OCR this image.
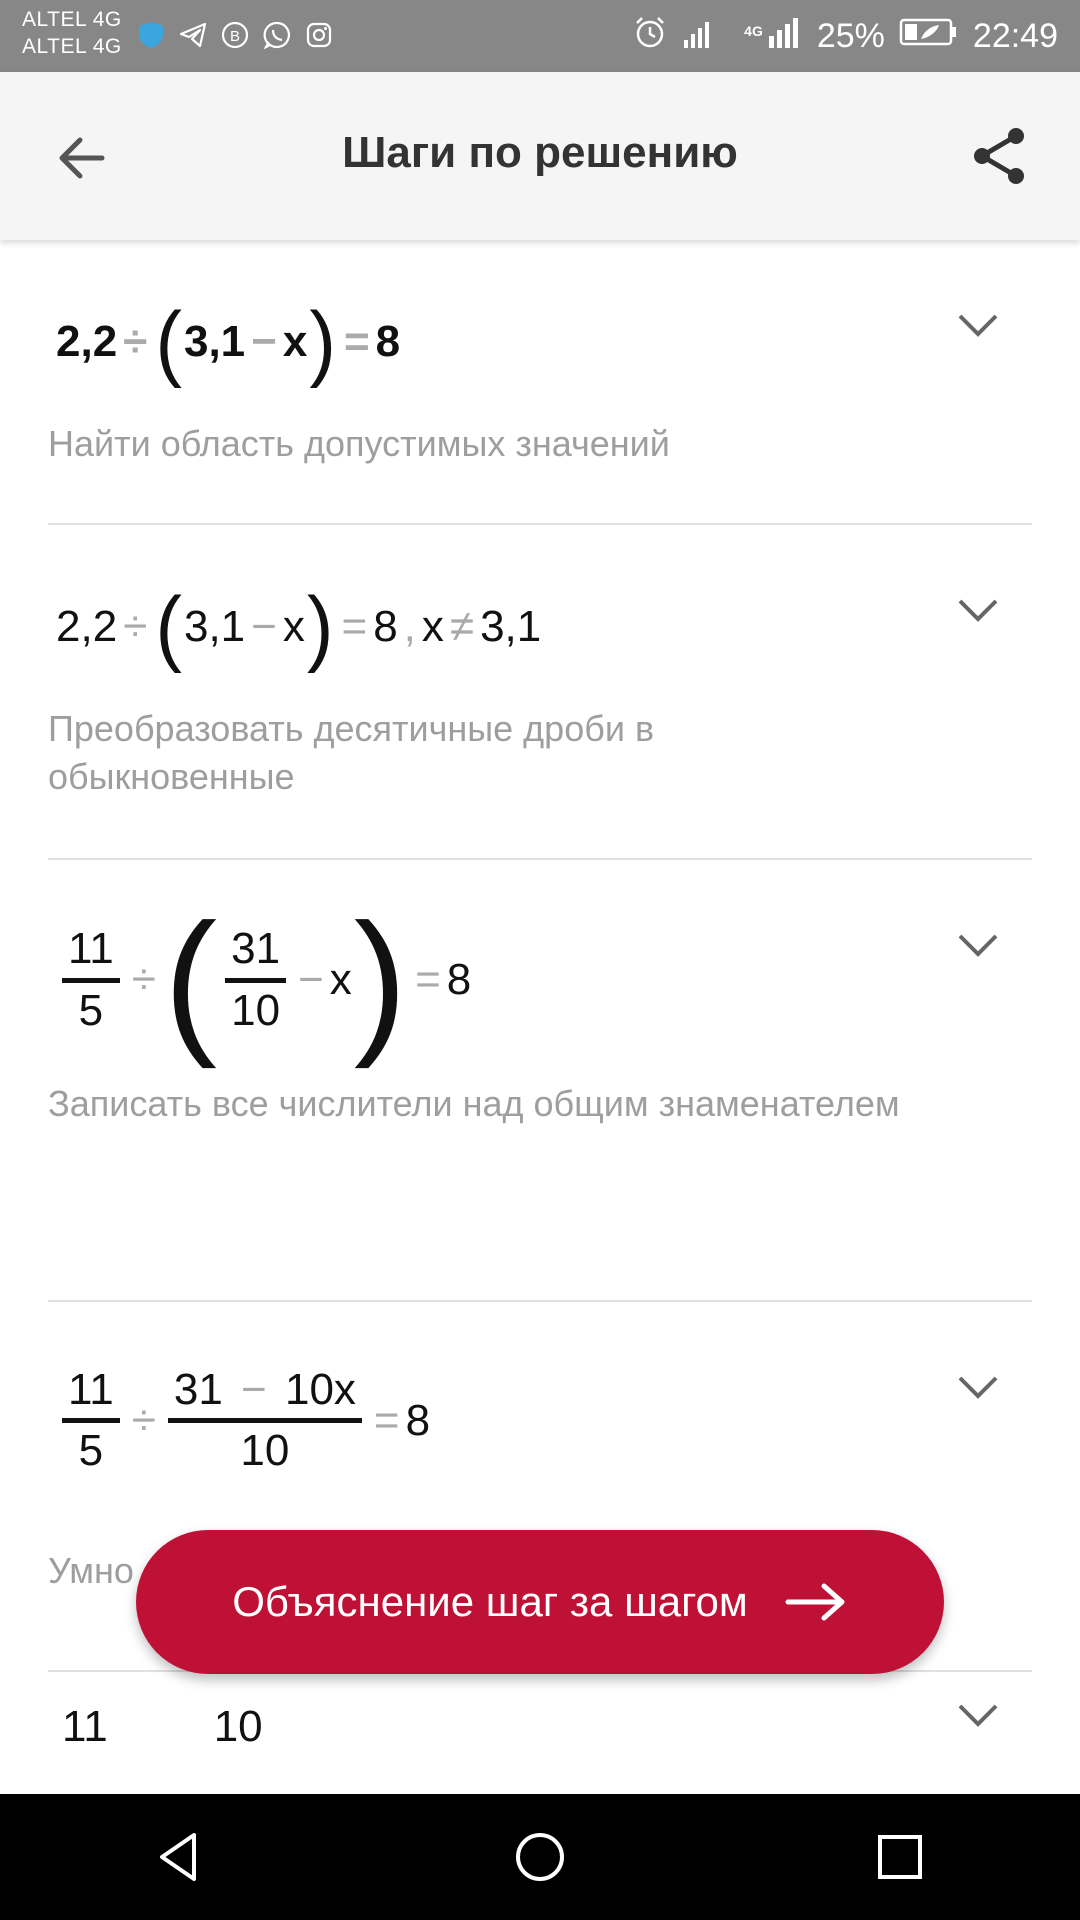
ALTEL 4G
ALTEL 4G	B	4G 25%	22:49
Шаги по решению
2,2 ÷ ( 3,1 − x ) = 8
Найти область допустимых значений
2,2 ÷ ( 3,1 − x ) = 8 , x ≠ 3,1
Преобразовать десятичные дроби в обыкновенные
11
5
÷ ( 31
10
− x ) = 8
Записать все числители над общим знаменателем
11
5
÷
31 − 10x
10
= 8
Умно
11 10
Объяснение шаг за шагом
